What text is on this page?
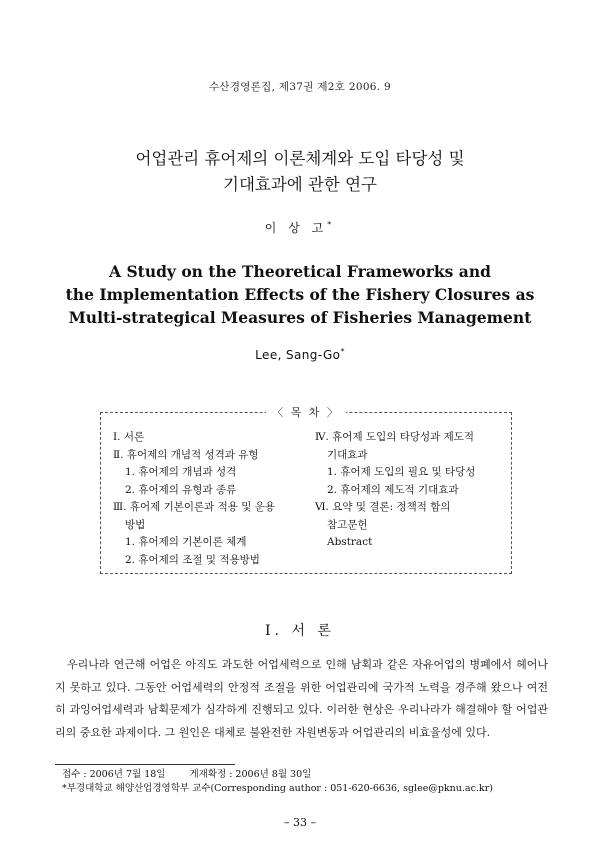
수산경영론집, 제37권 제2호 2006. 9
어업관리 휴어제의 이론체계와 도입 타당성 및
기대효과에 관한 연구
이 상 고*
A Study on the Theoretical Frameworks and
the Implementation Effects of the Fishery Closures as
Multi-strategical Measures of Fisheries Management
Lee, Sang-Go*
〈 목 차 〉
Ⅰ. 서론
Ⅱ. 휴어제의 개념적 성격과 유형
1. 휴어제의 개념과 성격
2. 휴어제의 유형과 종류
Ⅲ. 휴어제 기본이론과 적용 및 운용
방법
1. 휴어제의 기본이론 체계
2. 휴어제의 조절 및 적용방법
Ⅳ. 휴어제 도입의 타당성과 제도적
기대효과
1. 휴어제 도입의 필요 및 타당성
2. 휴어제의 제도적 기대효과
Ⅵ. 요약 및 결론: 정책적 함의
참고문헌
Abstract
Ⅰ. 서 론

우리나라 연근해 어업은 아직도 과도한 어업세력으로 인해 남획과 같은 자유어업의 병폐에서 헤어나지 못하고 있다. 그동안 어업세력의 안정적 조절을 위한 어업관리에 국가적 노력을 경주해 왔으나 여전히 과잉어업세력과 남획문제가 심각하게 진행되고 있다. 이러한 현상은 우리나라가 해결해야 할 어업관리의 중요한 과제이다. 그 원인은 대체로 불완전한 자원변동과 어업관리의 비효율성에 있다.

접수 : 2006년 7월 18일	게재확정 : 2006년 8월 30일
*부경대학교 해양산업경영학부 교수(Corresponding author : 051-620-6636, sglee@pknu.ac.kr)
– 33 –
